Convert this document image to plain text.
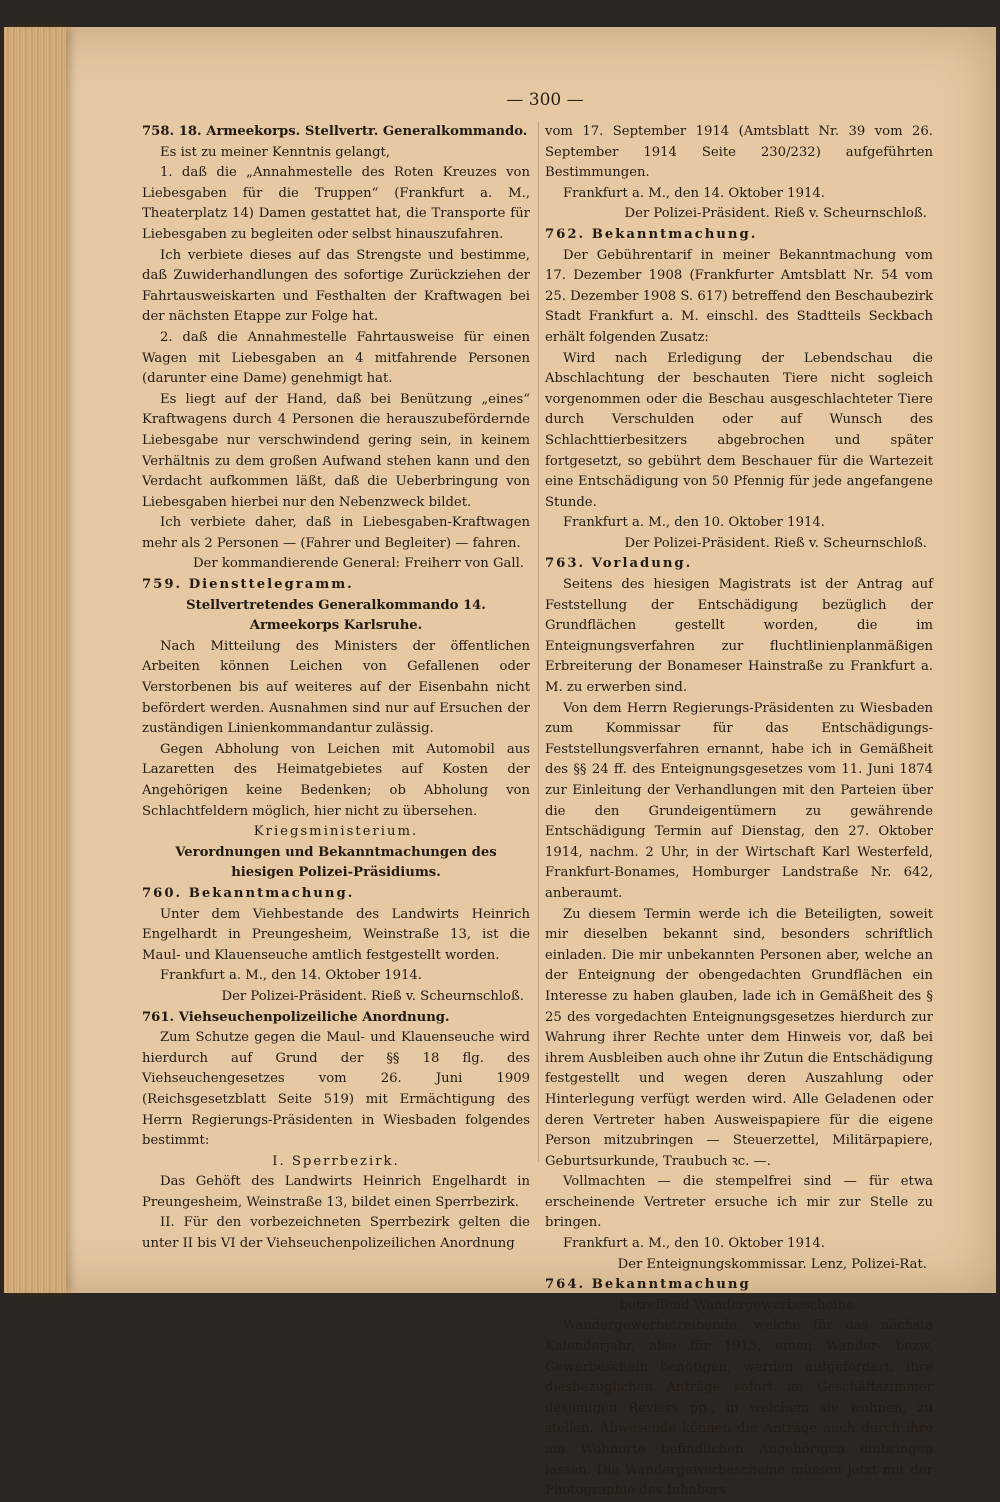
— 300 —

758. 18. Armeekorps. Stellvertr. Generalkommando.

Es ist zu meiner Kenntnis gelangt,

1. daß die „Annahmestelle des Roten Kreuzes von Liebesgaben für die Truppen“ (Frankfurt a. M., Theaterplatz 14) Damen gestattet hat, die Transporte für Liebesgaben zu begleiten oder selbst hinauszufahren.

Ich verbiete dieses auf das Strengste und bestimme, daß Zuwiderhandlungen des sofortige Zurückziehen der Fahrtausweiskarten und Festhalten der Kraftwagen bei der nächsten Etappe zur Folge hat.

2. daß die Annahmestelle Fahrtausweise für einen Wagen mit Liebesgaben an 4 mitfahrende Personen (darunter eine Dame) genehmigt hat.

Es liegt auf der Hand, daß bei Benützung „eines“ Kraftwagens durch 4 Personen die herauszubefördernde Liebesgabe nur verschwindend gering sein, in keinem Verhältnis zu dem großen Aufwand stehen kann und den Verdacht aufkommen läßt, daß die Ueberbringung von Liebesgaben hierbei nur den Nebenzweck bildet.

Ich verbiete daher, daß in Liebesgaben-Kraftwagen mehr als 2 Personen — (Fahrer und Begleiter) — fahren.

Der kommandierende General: Freiherr von Gall.

759. Diensttelegramm.

Stellvertretendes Generalkommando 14. Armeekorps Karlsruhe.

Nach Mitteilung des Ministers der öffentlichen Arbeiten können Leichen von Gefallenen oder Verstorbenen bis auf weiteres auf der Eisenbahn nicht befördert werden. Ausnahmen sind nur auf Ersuchen der zuständigen Linienkommandantur zulässig.

Gegen Abholung von Leichen mit Automobil aus Lazaretten des Heimatgebietes auf Kosten der Angehörigen keine Bedenken; ob Abholung von Schlachtfeldern möglich, hier nicht zu übersehen.

Kriegsministerium.

Verordnungen und Bekanntmachungen des hiesigen Polizei-Präsidiums.

760. Bekanntmachung.

Unter dem Viehbestande des Landwirts Heinrich Engelhardt in Preungesheim, Weinstraße 13, ist die Maul- und Klauenseuche amtlich festgestellt worden.

Frankfurt a. M., den 14. Oktober 1914.

Der Polizei-Präsident. Rieß v. Scheurnschloß.

761. Viehseuchenpolizeiliche Anordnung.

Zum Schutze gegen die Maul- und Klauenseuche wird hierdurch auf Grund der §§ 18 flg. des Viehseuchengesetzes vom 26. Juni 1909 (Reichsgesetzblatt Seite 519) mit Ermächtigung des Herrn Regierungs-Präsidenten in Wiesbaden folgendes bestimmt:

I. Sperrbezirk.

Das Gehöft des Landwirts Heinrich Engelhardt in Preungesheim, Weinstraße 13, bildet einen Sperrbezirk.

II. Für den vorbezeichneten Sperrbezirk gelten die unter II bis VI der Viehseuchenpolizeilichen Anordnung

vom 17. September 1914 (Amtsblatt Nr. 39 vom 26. September 1914 Seite 230/232) aufgeführten Bestimmungen.

Frankfurt a. M., den 14. Oktober 1914.

Der Polizei-Präsident. Rieß v. Scheurnschloß.

762. Bekanntmachung.

Der Gebührentarif in meiner Bekanntmachung vom 17. Dezember 1908 (Frankfurter Amtsblatt Nr. 54 vom 25. Dezember 1908 S. 617) betreffend den Beschaubezirk Stadt Frankfurt a. M. einschl. des Stadtteils Seckbach erhält folgenden Zusatz:

Wird nach Erledigung der Lebendschau die Abschlachtung der beschauten Tiere nicht sogleich vorgenommen oder die Beschau ausgeschlachteter Tiere durch Verschulden oder auf Wunsch des Schlachttierbesitzers abgebrochen und später fortgesetzt, so gebührt dem Beschauer für die Wartezeit eine Entschädigung von 50 Pfennig für jede angefangene Stunde.

Frankfurt a. M., den 10. Oktober 1914.

Der Polizei-Präsident. Rieß v. Scheurnschloß.

763. Vorladung.

Seitens des hiesigen Magistrats ist der Antrag auf Feststellung der Entschädigung bezüglich der Grundflächen gestellt worden, die im Enteignungsverfahren zur fluchtlinienplanmäßigen Erbreiterung der Bonameser Hainstraße zu Frankfurt a. M. zu erwerben sind.

Von dem Herrn Regierungs-Präsidenten zu Wiesbaden zum Kommissar für das Entschädigungs-Feststellungsverfahren ernannt, habe ich in Gemäßheit des §§ 24 ff. des Enteignungsgesetzes vom 11. Juni 1874 zur Einleitung der Verhandlungen mit den Parteien über die den Grundeigentümern zu gewährende Entschädigung Termin auf Dienstag, den 27. Oktober 1914, nachm. 2 Uhr, in der Wirtschaft Karl Westerfeld, Frankfurt-Bonames, Homburger Landstraße Nr. 642, anberaumt.

Zu diesem Termin werde ich die Beteiligten, soweit mir dieselben bekannt sind, besonders schriftlich einladen. Die mir unbekannten Personen aber, welche an der Enteignung der obengedachten Grundflächen ein Interesse zu haben glauben, lade ich in Gemäßheit des § 25 des vorgedachten Enteignungsgesetzes hierdurch zur Wahrung ihrer Rechte unter dem Hinweis vor, daß bei ihrem Ausbleiben auch ohne ihr Zutun die Entschädigung festgestellt und wegen deren Auszahlung oder Hinterlegung verfügt werden wird. Alle Geladenen oder deren Vertreter haben Ausweispapiere für die eigene Person mitzubringen — Steuerzettel, Militärpapiere, Geburtsurkunde, Traubuch ꝛc. —.

Vollmachten — die stempelfrei sind — für etwa erscheinende Vertreter ersuche ich mir zur Stelle zu bringen.

Frankfurt a. M., den 10. Oktober 1914.

Der Enteignungskommissar. Lenz, Polizei-Rat.

764. Bekanntmachung

betreffend Wandergewerbescheine.

Wandergewerbetreibende, welche für das nächste Kalenderjahr, also für 1915, einen Wander- bezw. Gewerbeschein benötigen, werden aufgefordert, ihre diesbezüglichen Anträge sofort im Geschäftszimmer desjenigen Reviers pp., in welchem sie wohnen, zu stellen. Abwesende können die Anträge auch durch ihre am Wohnorte befindlichen Angehörigen einbringen lassen. Die Wandergewerbescheine müssen jetzt mit der Photographie des Inhabers
